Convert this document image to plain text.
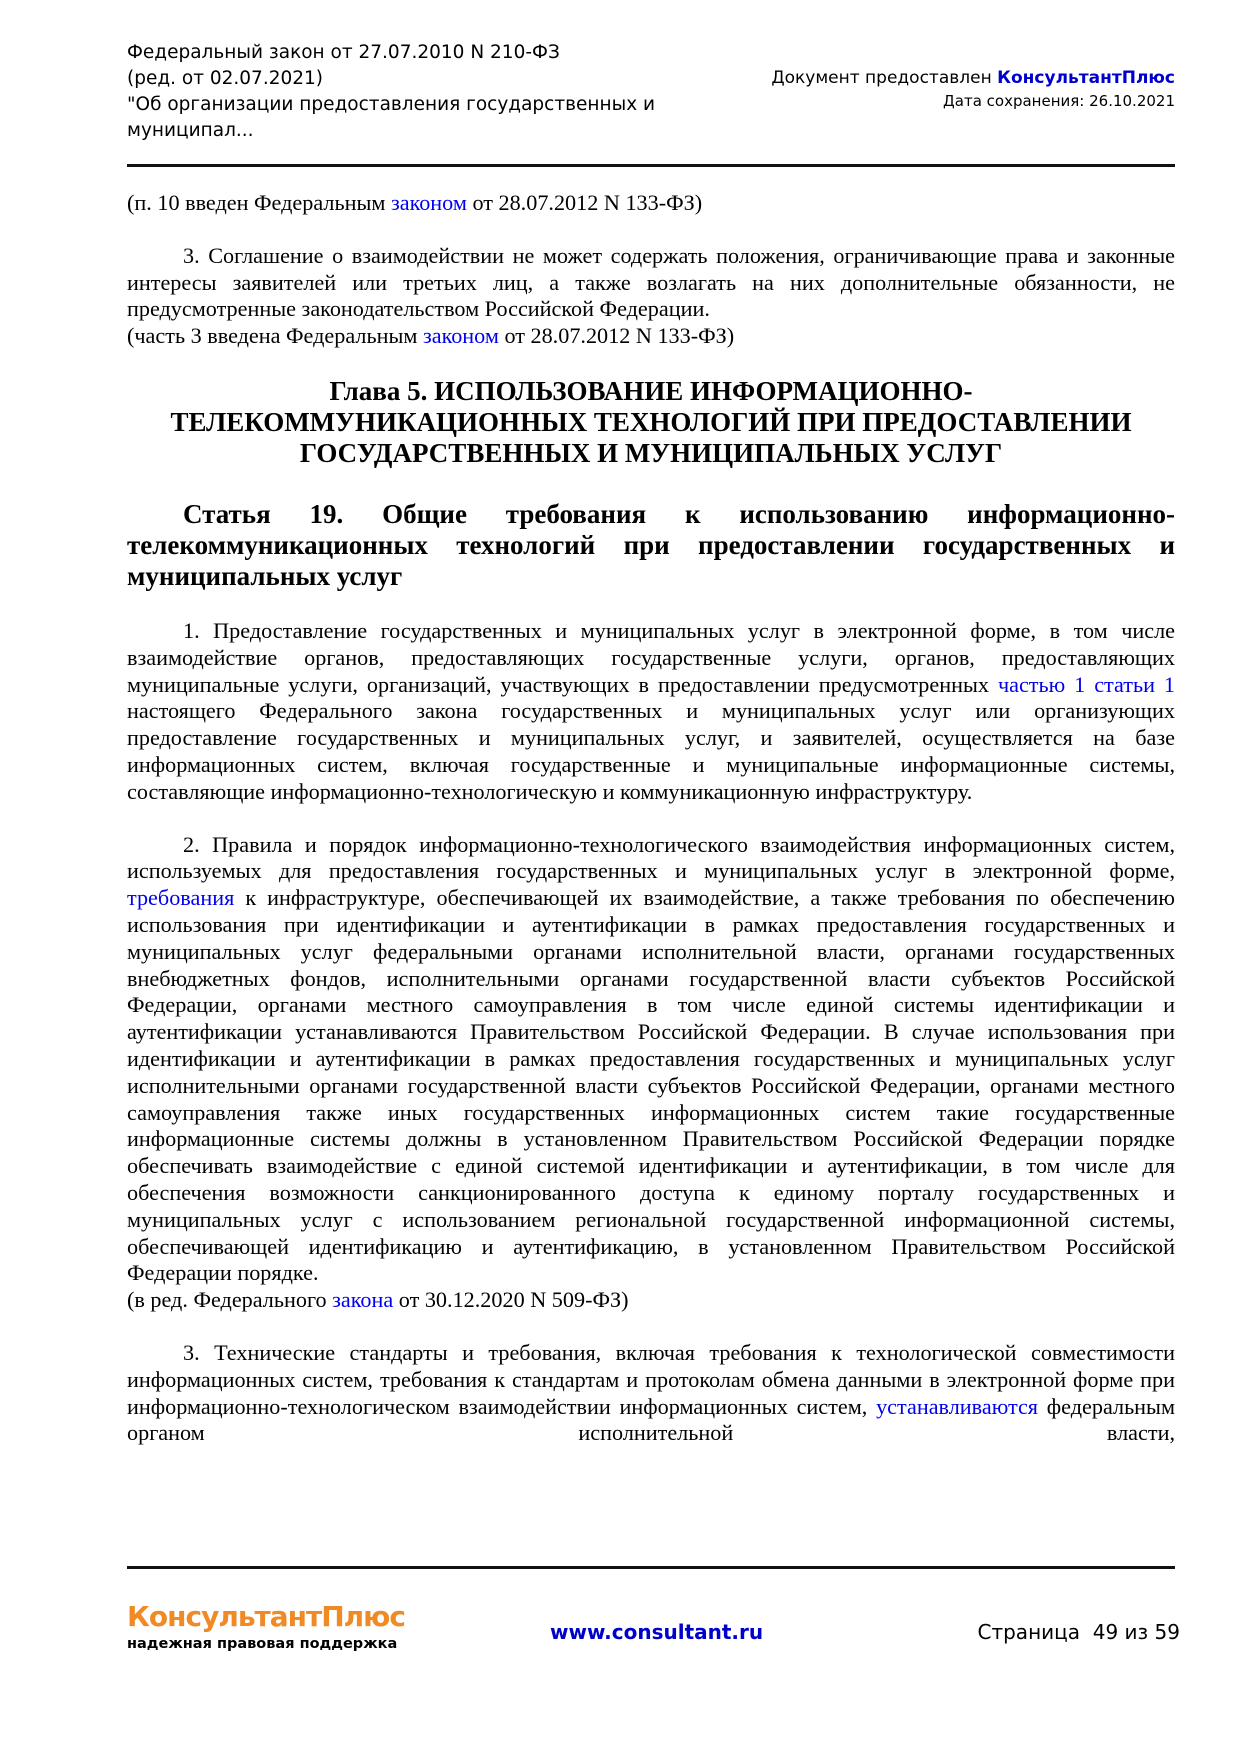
Федеральный закон от 27.07.2010 N 210-ФЗ
(ред. от 02.07.2021)
"Об организации предоставления государственных и
муниципал...
Документ предоставлен КонсультантПлюс
Дата сохранения: 26.10.2021

(п. 10 введен Федеральным законом от 28.07.2012 N 133-ФЗ)

3. Соглашение о взаимодействии не может содержать положения, ограничивающие права и законные интересы заявителей или третьих лиц, а также возлагать на них дополнительные обязанности, не предусмотренные законодательством Российской Федерации.

(часть 3 введена Федеральным законом от 28.07.2012 N 133-ФЗ)

Глава 5. ИСПОЛЬЗОВАНИЕ ИНФОРМАЦИОННО-ТЕЛЕКОММУНИКАЦИОННЫХ ТЕХНОЛОГИЙ ПРИ ПРЕДОСТАВЛЕНИИ ГОСУДАРСТВЕННЫХ И МУНИЦИПАЛЬНЫХ УСЛУГ
Статья 19. Общие требования к использованию информационно-телекоммуникационных технологий при предоставлении государственных и муниципальных услуг

1. Предоставление государственных и муниципальных услуг в электронной форме, в том числе взаимодействие органов, предоставляющих государственные услуги, органов, предоставляющих муниципальные услуги, организаций, участвующих в предоставлении предусмотренных частью 1 статьи 1 настоящего Федерального закона государственных и муниципальных услуг или организующих предоставление государственных и муниципальных услуг, и заявителей, осуществляется на базе информационных систем, включая государственные и муниципальные информационные системы, составляющие информационно-технологическую и коммуникационную инфраструктуру.

2. Правила и порядок информационно-технологического взаимодействия информационных систем, используемых для предоставления государственных и муниципальных услуг в электронной форме, требования к инфраструктуре, обеспечивающей их взаимодействие, а также требования по обеспечению использования при идентификации и аутентификации в рамках предоставления государственных и муниципальных услуг федеральными органами исполнительной власти, органами государственных внебюджетных фондов, исполнительными органами государственной власти субъектов Российской Федерации, органами местного самоуправления в том числе единой системы идентификации и аутентификации устанавливаются Правительством Российской Федерации. В случае использования при идентификации и аутентификации в рамках предоставления государственных и муниципальных услуг исполнительными органами государственной власти субъектов Российской Федерации, органами местного самоуправления также иных государственных информационных систем такие государственные информационные системы должны в установленном Правительством Российской Федерации порядке обеспечивать взаимодействие с единой системой идентификации и аутентификации, в том числе для обеспечения возможности санкционированного доступа к единому порталу государственных и муниципальных услуг с использованием региональной государственной информационной системы, обеспечивающей идентификацию и аутентификацию, в установленном Правительством Российской Федерации порядке.

(в ред. Федерального закона от 30.12.2020 N 509-ФЗ)

3. Технические стандарты и требования, включая требования к технологической совместимости информационных систем, требования к стандартам и протоколам обмена данными в электронной форме при информационно-технологическом взаимодействии информационных систем, устанавливаются федеральным органом исполнительной власти,

КонсультантПлюс
надежная правовая поддержка	www.consultant.ru	Страница 49 из 59
